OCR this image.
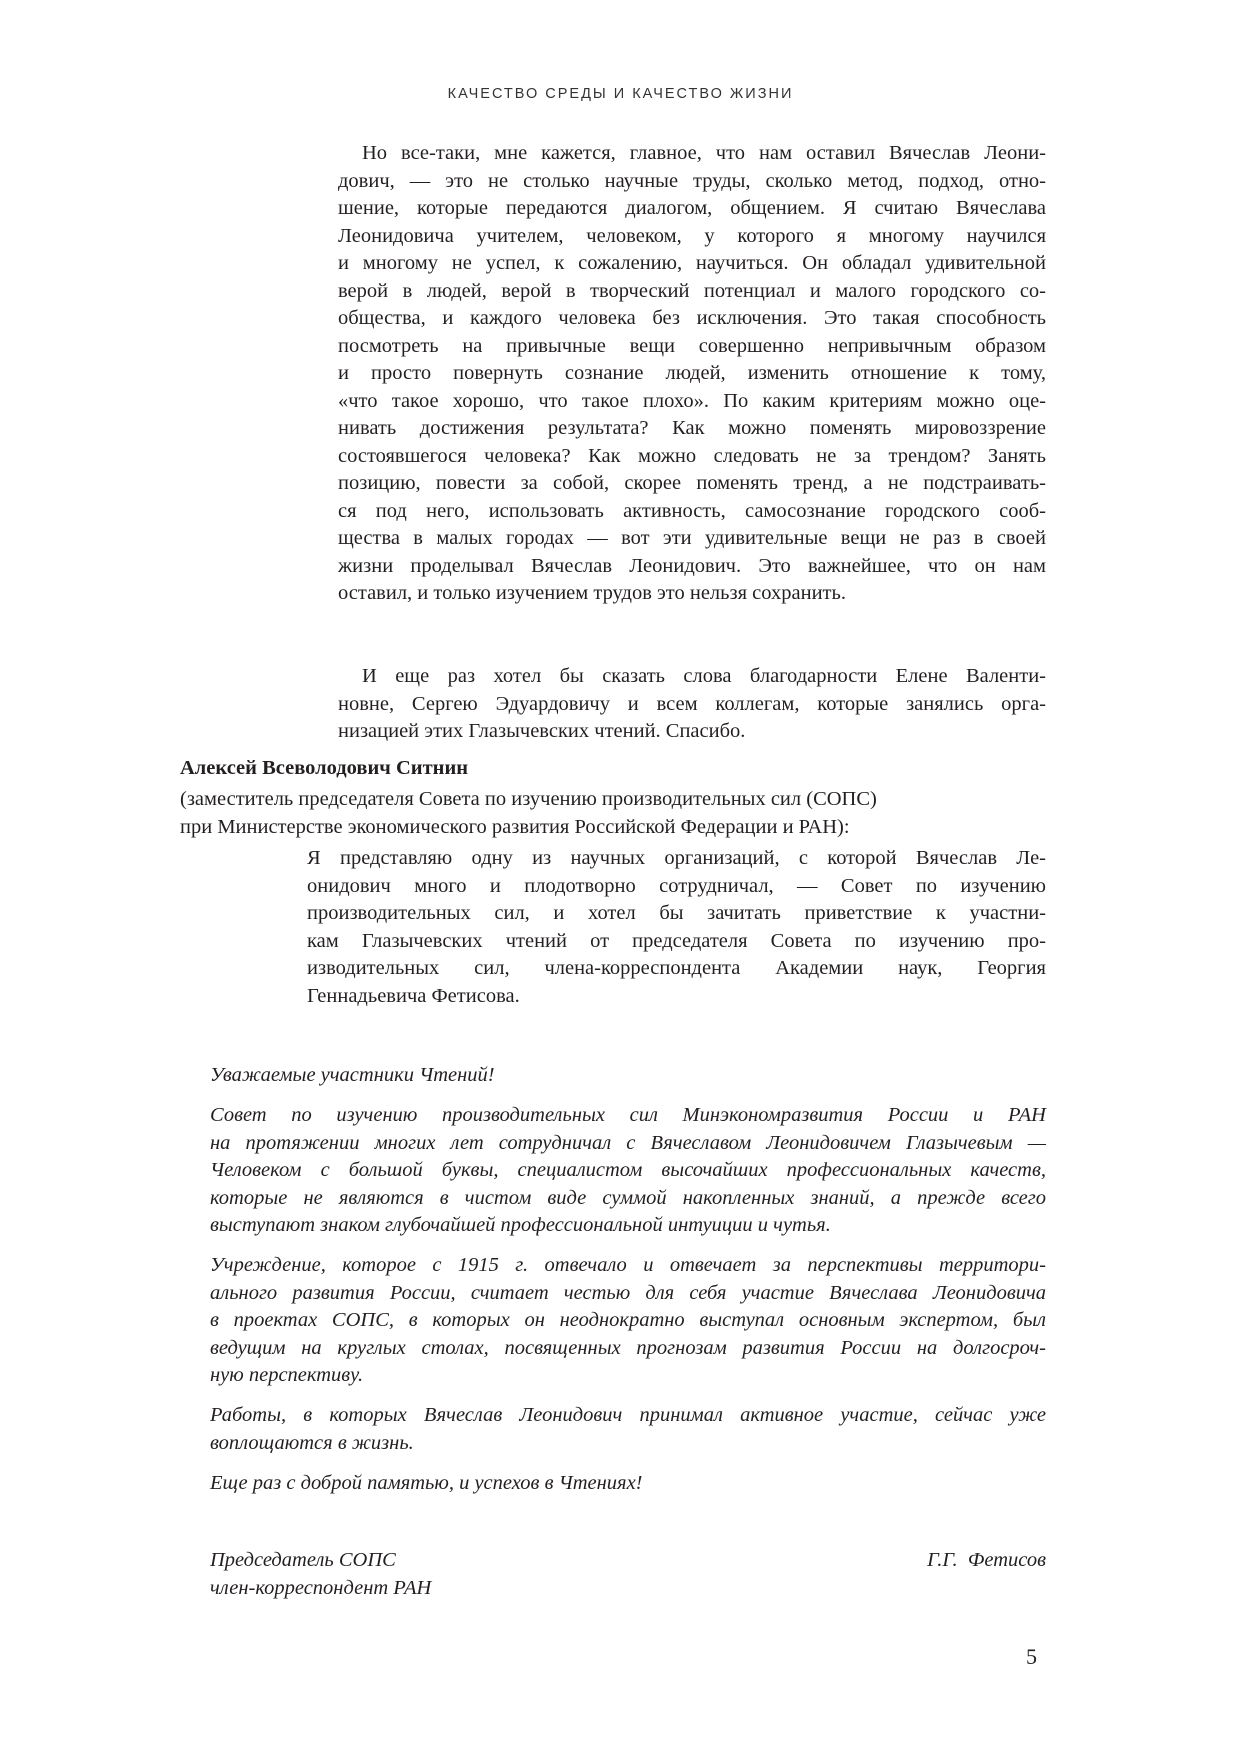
КАЧЕСТВО СРЕДЫ И КАЧЕСТВО ЖИЗНИ
Но все-таки, мне кажется, главное, что нам оставил Вячеслав Леони-
дович, — это не столько научные труды, сколько метод, подход, отно-
шение, которые передаются диалогом, общением. Я считаю Вячеслава
Леонидовича учителем, человеком, у которого я многому научился
и многому не успел, к сожалению, научиться. Он обладал удивительной
верой в людей, верой в творческий потенциал и малого городского со-
общества, и каждого человека без исключения. Это такая способность
посмотреть на привычные вещи совершенно непривычным образом
и просто повернуть сознание людей, изменить отношение к тому,
«что такое хорошо, что такое плохо». По каким критериям можно оце-
нивать достижения результата? Как можно поменять мировоззрение
состоявшегося человека? Как можно следовать не за трендом? Занять
позицию, повести за собой, скорее поменять тренд, а не подстраивать-
ся под него, использовать активность, самосознание городского сооб-
щества в малых городах — вот эти удивительные вещи не раз в своей
жизни проделывал Вячеслав Леонидович. Это важнейшее, что он нам
оставил, и только изучением трудов это нельзя сохранить.
И еще раз хотел бы сказать слова благодарности Елене Валенти-
новне, Сергею Эдуардовичу и всем коллегам, которые занялись орга-
низацией этих Глазычевских чтений. Спасибо.
Алексей Всеволодович Ситнин
(заместитель председателя Совета по изучению производительных сил (СОПС)
при Министерстве экономического развития Российской Федерации и РАН):
Я представляю одну из научных организаций, с которой Вячеслав Ле-
онидович много и плодотворно сотрудничал, — Совет по изучению
производительных сил, и хотел бы зачитать приветствие к участни-
кам Глазычевских чтений от председателя Совета по изучению про-
изводительных сил, члена-корреспондента Академии наук, Георгия
Геннадьевича Фетисова.
Уважаемые участники Чтений!
Совет по изучению производительных сил Минэкономразвития России и РАН
на протяжении многих лет сотрудничал с Вячеславом Леонидовичем Глазычевым —
Человеком с большой буквы, специалистом высочайших профессиональных качеств,
которые не являются в чистом виде суммой накопленных знаний, а прежде всего
выступают знаком глубочайшей профессиональной интуиции и чутья.
Учреждение, которое с 1915 г. отвечало и отвечает за перспективы территори-
ального развития России, считает честью для себя участие Вячеслава Леонидовича
в проектах СОПС, в которых он неоднократно выступал основным экспертом, был
ведущим на круглых столах, посвященных прогнозам развития России на долгосроч-
ную перспективу.
Работы, в которых Вячеслав Леонидович принимал активное участие, сейчас уже
воплощаются в жизнь.
Еще раз с доброй памятью, и успехов в Чтениях!
Председатель СОПС
член-корреспондент РАН
Г.Г.  Фетисов
5
